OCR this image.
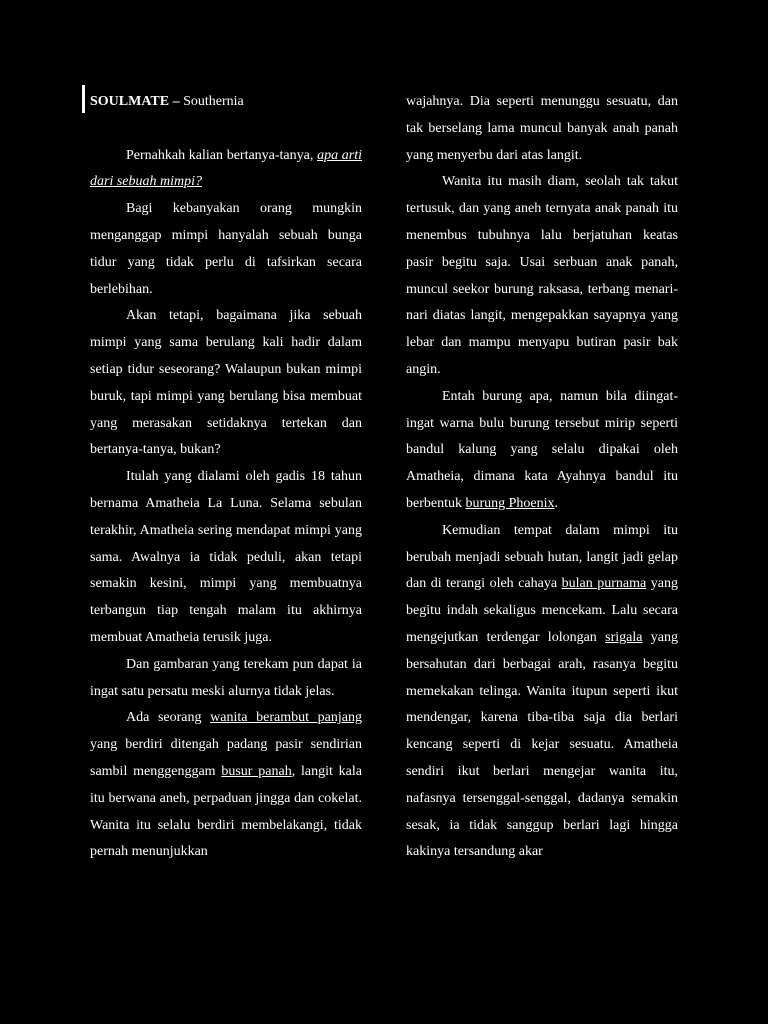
SOULMATE – Southernia

Pernahkah kalian bertanya-tanya, apa arti dari sebuah mimpi?

Bagi kebanyakan orang mungkin menganggap mimpi hanyalah sebuah bunga tidur yang tidak perlu di tafsirkan secara berlebihan.

Akan tetapi, bagaimana jika sebuah mimpi yang sama berulang kali hadir dalam setiap tidur seseorang? Walaupun bukan mimpi buruk, tapi mimpi yang berulang bisa membuat yang merasakan setidaknya tertekan dan bertanya-tanya, bukan?

Itulah yang dialami oleh gadis 18 tahun bernama Amatheia La Luna. Selama sebulan terakhir, Amatheia sering mendapat mimpi yang sama. Awalnya ia tidak peduli, akan tetapi semakin kesini, mimpi yang membuatnya terbangun tiap tengah malam itu akhirnya membuat Amatheia terusik juga.

Dan gambaran yang terekam pun dapat ia ingat satu persatu meski alurnya tidak jelas.

Ada seorang wanita berambut panjang yang berdiri ditengah padang pasir sendirian sambil menggenggam busur panah, langit kala itu berwana aneh, perpaduan jingga dan cokelat. Wanita itu selalu berdiri membelakangi, tidak pernah menunjukkan

wajahnya. Dia seperti menunggu sesuatu, dan tak berselang lama muncul banyak anah panah yang menyerbu dari atas langit.

Wanita itu masih diam, seolah tak takut tertusuk, dan yang aneh ternyata anak panah itu menembus tubuhnya lalu berjatuhan keatas pasir begitu saja. Usai serbuan anak panah, muncul seekor burung raksasa, terbang menari-nari diatas langit, mengepakkan sayapnya yang lebar dan mampu menyapu butiran pasir bak angin.

Entah burung apa, namun bila diingat-ingat warna bulu burung tersebut mirip seperti bandul kalung yang selalu dipakai oleh Amatheia, dimana kata Ayahnya bandul itu berbentuk burung Phoenix.

Kemudian tempat dalam mimpi itu berubah menjadi sebuah hutan, langit jadi gelap dan di terangi oleh cahaya bulan purnama yang begitu indah sekaligus mencekam. Lalu secara mengejutkan terdengar lolongan srigala yang bersahutan dari berbagai arah, rasanya begitu memekakan telinga. Wanita itupun seperti ikut mendengar, karena tiba-tiba saja dia berlari kencang seperti di kejar sesuatu. Amatheia sendiri ikut berlari mengejar wanita itu, nafasnya tersenggal-senggal, dadanya semakin sesak, ia tidak sanggup berlari lagi hingga kakinya tersandung akar
